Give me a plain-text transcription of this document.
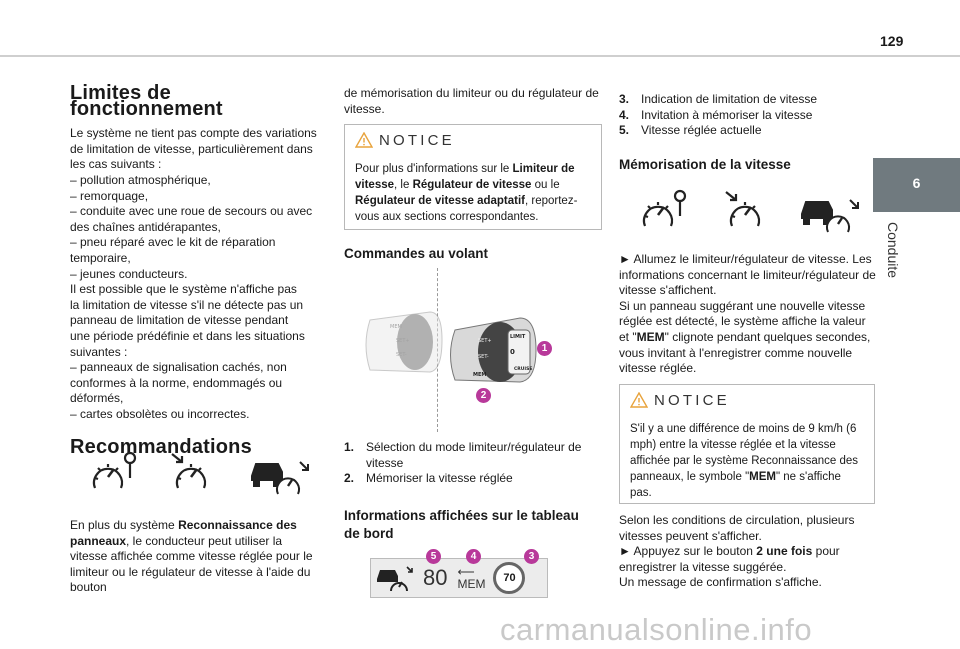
129
6
Conduite
Limites de fonctionnement

Le système ne tient pas compte des variations

de limitation de vitesse, particulièrement dans

les cas suivants :

– pollution atmosphérique,

– remorquage,

– conduite avec une roue de secours ou avec

des chaînes antidérapantes,

– pneu réparé avec le kit de réparation

temporaire,

– jeunes conducteurs.

Il est possible que le système n'affiche pas

la limitation de vitesse s'il ne détecte pas un

panneau de limitation de vitesse pendant

une période prédéfinie et dans les situations

suivantes :

– panneaux de signalisation cachés, non

conformes à la norme, endommagés ou

déformés,

– cartes obsolètes ou incorrectes.

Recommandations

En plus du système Reconnaissance des panneaux, le conducteur peut utiliser la vitesse affichée comme vitesse réglée pour le limiteur ou le régulateur de vitesse à l'aide du bouton

de mémorisation du limiteur ou du régulateur de vitesse.

NOTICE

Pour plus d'informations sur le Limiteur de vitesse, le Régulateur de vitesse ou le Régulateur de vitesse adaptatif, reportez-vous aux sections correspondantes.

Commandes au volant
MEM
SET+
SET-
LIMIT
0
CRUISE
MEM
SET+
SET-
1
2
1. Sélection du mode limiteur/régulateur de vitesse
2. Mémoriser la vitesse réglée
Informations affichées sur le tableau de bord
80 ⟵
MEM	70
5	4	3
3. Indication de limitation de vitesse
4. Invitation à mémoriser la vitesse
5. Vitesse réglée actuelle
Mémorisation de la vitesse

► Allumez le limiteur/régulateur de vitesse. Les informations concernant le limiteur/régulateur de vitesse s'affichent.

Si un panneau suggérant une nouvelle vitesse réglée est détecté, le système affiche la valeur et "MEM" clignote pendant quelques secondes, vous invitant à l'enregistrer comme nouvelle vitesse réglée.

NOTICE

S'il y a une différence de moins de 9 km/h (6 mph) entre la vitesse réglée et la vitesse affichée par le système Reconnaissance des panneaux, le symbole "MEM" ne s'affiche pas.

Selon les conditions de circulation, plusieurs vitesses peuvent s'afficher.

► Appuyez sur le bouton 2 une fois pour enregistrer la vitesse suggérée.

Un message de confirmation s'affiche.

carmanualsonline.info
